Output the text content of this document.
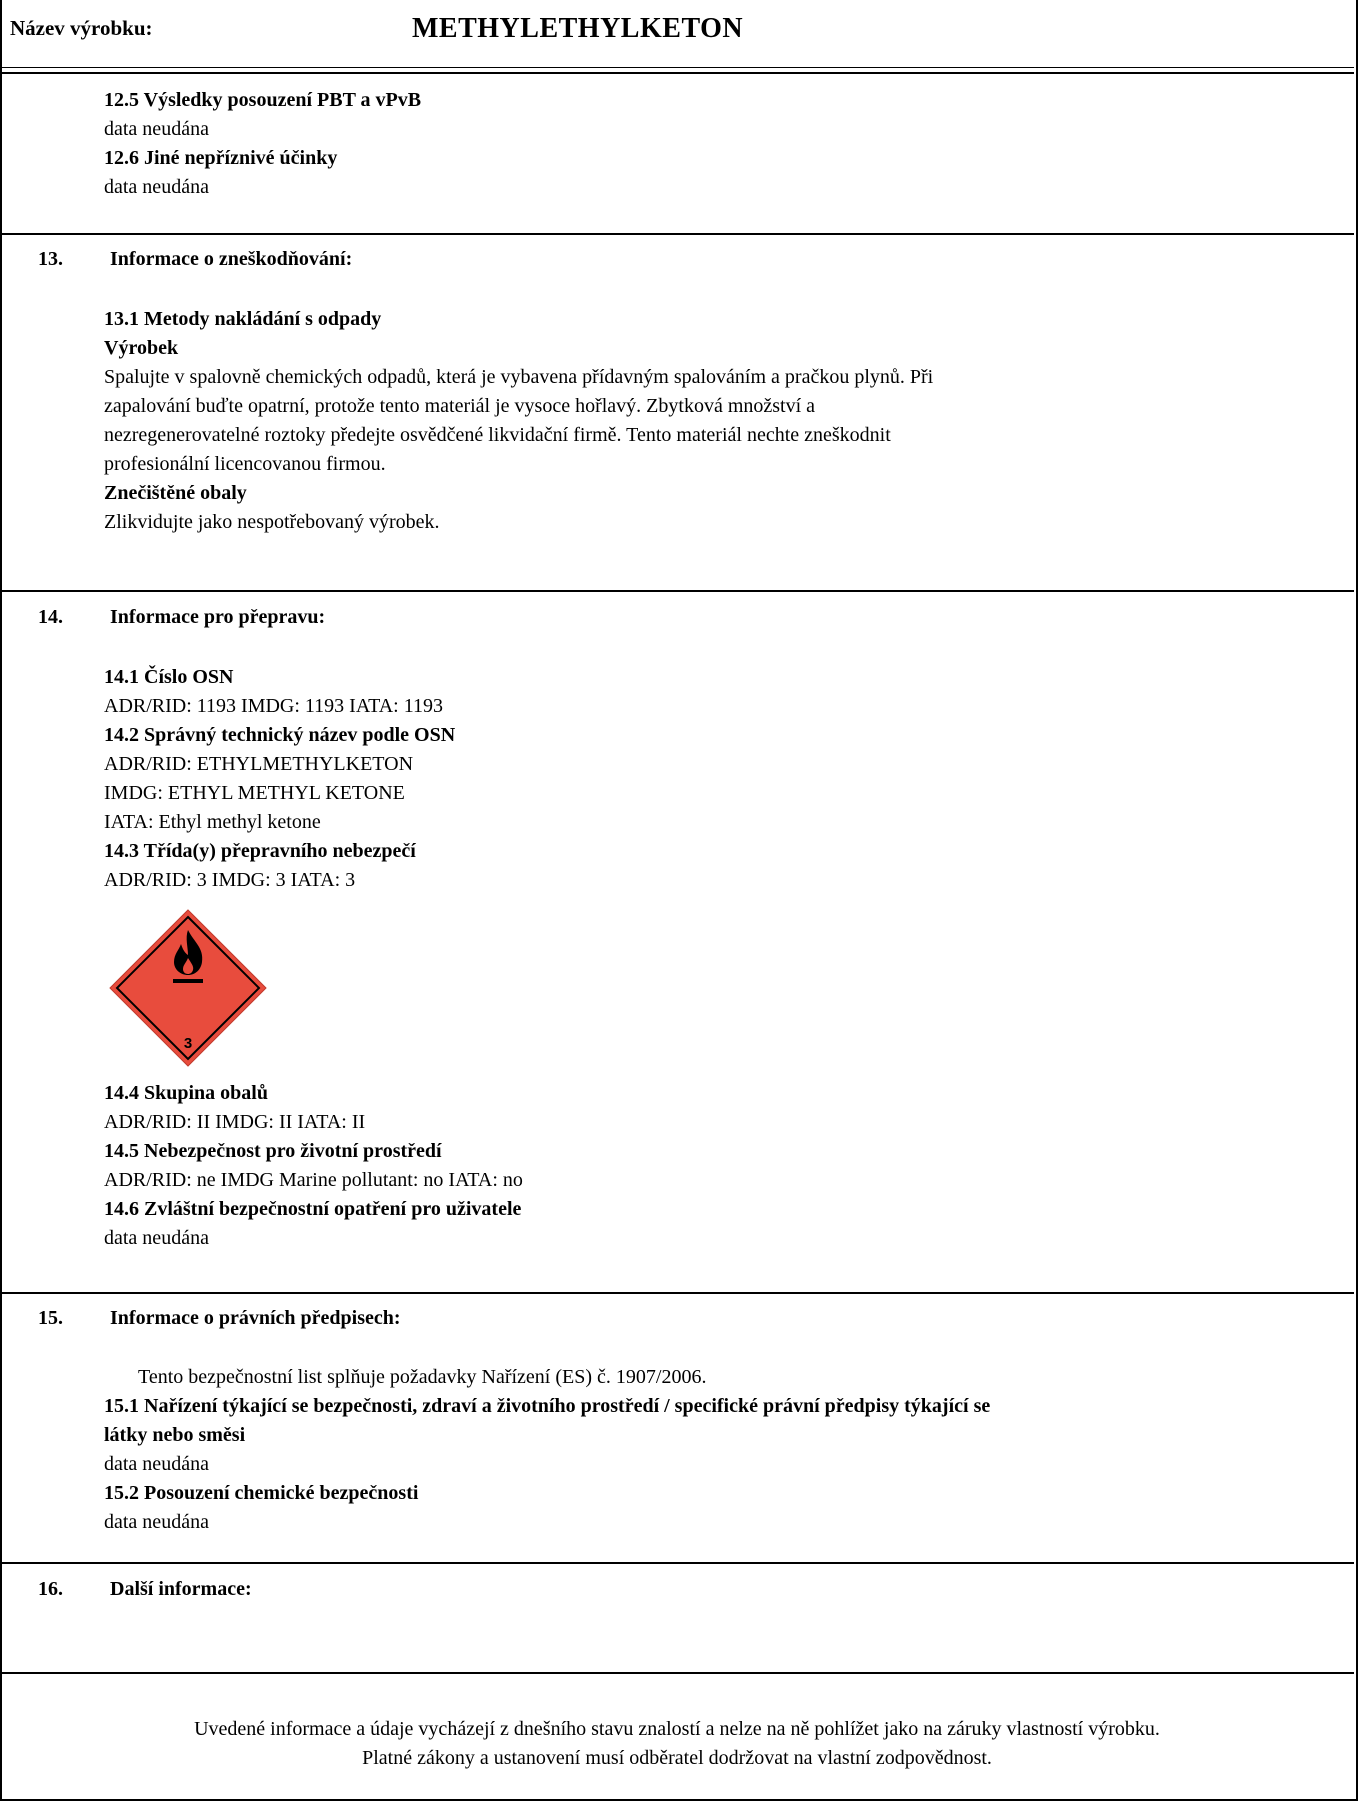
Název výrobku:	METHYLETHYLKETON
12.5 Výsledky posouzení PBT a vPvB
data neudána
12.6 Jiné nepříznivé účinky
data neudána
13. Informace o zneškodňování:
13.1 Metody nakládání s odpady
Výrobek
Spalujte v spalovně chemických odpadů, která je vybavena přídavným spalováním a pračkou plynů. Při
zapalování buďte opatrní, protože tento materiál je vysoce hořlavý. Zbytková množství a
nezregenerovatelné roztoky předejte osvědčené likvidační firmě. Tento materiál nechte zneškodnit
profesionální licencovanou firmou.
Znečištěné obaly
Zlikvidujte jako nespotřebovaný výrobek.
14. Informace pro přepravu:
14.1 Číslo OSN
ADR/RID: 1193 IMDG: 1193 IATA: 1193
14.2 Správný technický název podle OSN
ADR/RID: ETHYLMETHYLKETON
IMDG: ETHYL METHYL KETONE
IATA: Ethyl methyl ketone
14.3 Třída(y) přepravního nebezpečí
ADR/RID: 3 IMDG: 3 IATA: 3
3
14.4 Skupina obalů
ADR/RID: II IMDG: II IATA: II
14.5 Nebezpečnost pro životní prostředí
ADR/RID: ne IMDG Marine pollutant: no IATA: no
14.6 Zvláštní bezpečnostní opatření pro uživatele
data neudána
15. Informace o právních předpisech:
Tento bezpečnostní list splňuje požadavky Nařízení (ES) č. 1907/2006.
15.1 Nařízení týkající se bezpečnosti, zdraví a životního prostředí / specifické právní předpisy týkající se
látky nebo směsi
data neudána
15.2 Posouzení chemické bezpečnosti
data neudána
16. Další informace:
Uvedené informace a údaje vycházejí z dnešního stavu znalostí a nelze na ně pohlížet jako na záruky vlastností výrobku.
Platné zákony a ustanovení musí odběratel dodržovat na vlastní zodpovědnost.
